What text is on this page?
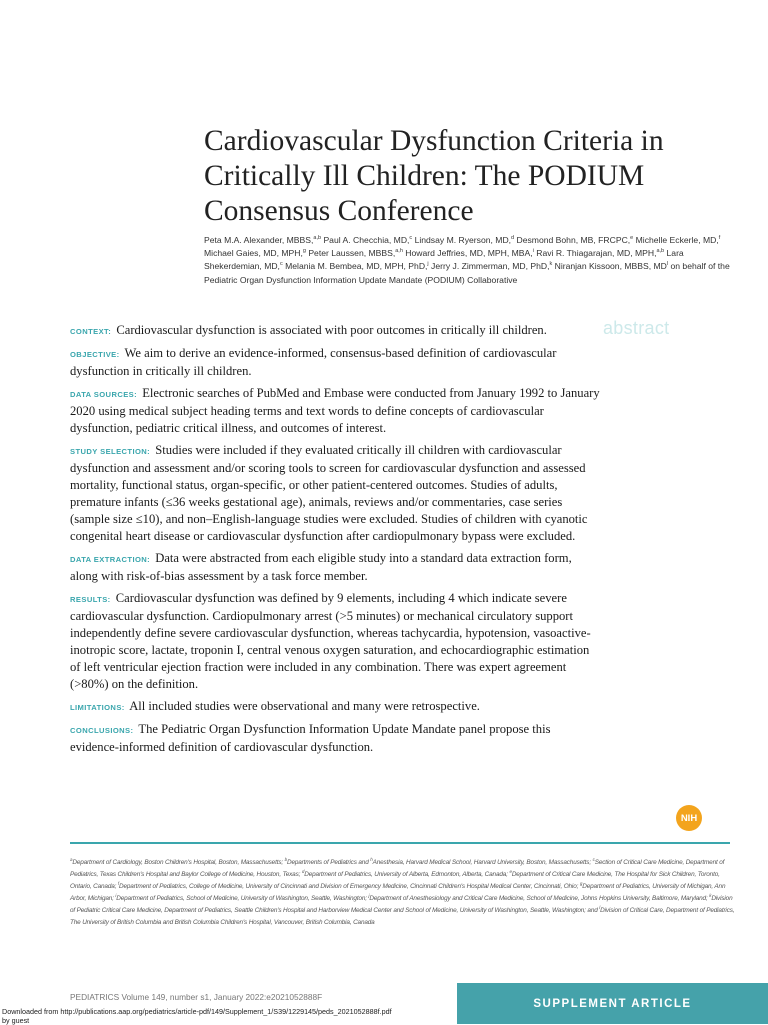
Cardiovascular Dysfunction Criteria in Critically Ill Children: The PODIUM Consensus Conference

Peta M.A. Alexander, MBBS,$^{a,b}$ Paul A. Checchia, MD,$^c$ Lindsay M. Ryerson, MD,$^d$ Desmond Bohn, MB, FRCPC,$^e$ Michelle Eckerle, MD,$^f$ Michael Gaies, MD, MPH,$^g$ Peter Laussen, MBBS,$^{a,h}$ Howard Jeffries, MD, MPH, MBA,$^i$ Ravi R. Thiagarajan, MD, MPH,$^{a,b}$ Lara Shekerdemian, MD,$^c$ Melania M. Bembea, MD, MPH, PhD,$^j$ Jerry J. Zimmerman, MD, PhD,$^k$ Niranjan Kissoon, MBBS, $MD^l$ on behalf of the Pediatric Organ Dysfunction Information Update Mandate (PODIUM) Collaborative

abstract

CONTEXT: Cardiovascular dysfunction is associated with poor outcomes in critically ill children.

OBJECTIVE: We aim to derive an evidence-informed, consensus-based definition of cardiovascular dysfunction in critically ill children.

DATA SOURCES: Electronic searches of PubMed and Embase were conducted from January 1992 to January 2020 using medical subject heading terms and text words to define concepts of cardiovascular dysfunction, pediatric critical illness, and outcomes of interest.

STUDY SELECTION: Studies were included if they evaluated critically ill children with cardiovascular dysfunction and assessment and/or scoring tools to screen for cardiovascular dysfunction and assessed mortality, functional status, organ-specific, or other patient-centered outcomes. Studies of adults, premature infants (≤36 weeks gestational age), animals, reviews and/or commentaries, case series (sample size ≤10), and non–English-language studies were excluded. Studies of children with cyanotic congenital heart disease or cardiovascular dysfunction after cardiopulmonary bypass were excluded.

DATA EXTRACTION: Data were abstracted from each eligible study into a standard data extraction form, along with risk-of-bias assessment by a task force member.

RESULTS: Cardiovascular dysfunction was defined by 9 elements, including 4 which indicate severe cardiovascular dysfunction. Cardiopulmonary arrest (>5 minutes) or mechanical circulatory support independently define severe cardiovascular dysfunction, whereas tachycardia, hypotension, vasoactive-inotropic score, lactate, troponin I, central venous oxygen saturation, and echocardiographic estimation of left ventricular ejection fraction were included in any combination. There was expert agreement (>80%) on the definition.

LIMITATIONS: All included studies were observational and many were retrospective.

CONCLUSIONS: The Pediatric Organ Dysfunction Information Update Mandate panel propose this evidence-informed definition of cardiovascular dysfunction.

NIH

$^a$Department of Cardiology, Boston Children's Hospital, Boston, Massachusetts; $^b$Departments of Pediatrics and $^h$Anesthesia, Harvard Medical School, Harvard University, Boston, Massachusetts; $^c$Section of Critical Care Medicine, Department of Pediatrics, Texas Children's Hospital and Baylor College of Medicine, Houston, Texas; $^d$Department of Pediatrics, University of Alberta, Edmonton, Alberta, Canada; $^e$Department of Critical Care Medicine, The Hospital for Sick Children, Toronto, Ontario, Canada; $^f$Department of Pediatrics, College of Medicine, University of Cincinnati and Division of Emergency Medicine, Cincinnati Children's Hospital Medical Center, Cincinnati, Ohio; $^g$Department of Pediatrics, University of Michigan, Ann Arbor, Michigan; $^i$Department of Pediatrics, School of Medicine, University of Washington, Seattle, Washington; $^j$Department of Anesthesiology and Critical Care Medicine, School of Medicine, Johns Hopkins University, Baltimore, Maryland; $^k$Division of Pediatric Critical Care Medicine, Department of Pediatrics, Seattle Children's Hospital and Harborview Medical Center and School of Medicine, University of Washington, Seattle, Washington; and $^l$Division of Critical Care, Department of Pediatrics, The University of British Columbia and British Columbia Children's Hospital, Vancouver, British Columbia, Canada

PEDIATRICS Volume 149, number s1, January 2022:e2021052888F
SUPPLEMENT ARTICLE

Downloaded from http://publications.aap.org/pediatrics/article-pdf/149/Supplement_1/S39/1229145/peds_2021052888f.pdf
by guest
